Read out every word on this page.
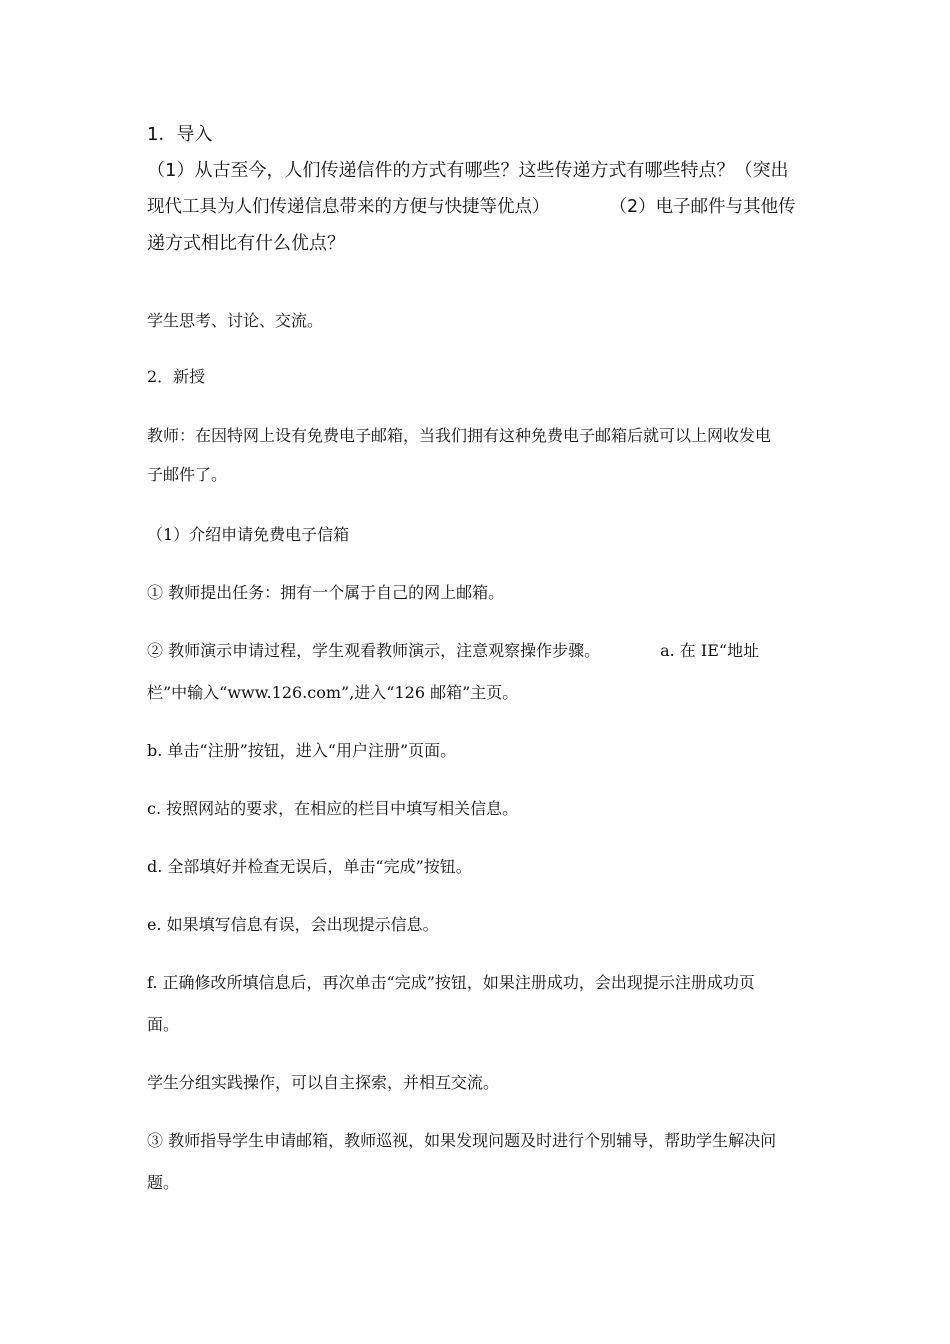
1．导入
（1）从古至今，人们传递信件的方式有哪些？这些传递方式有哪些特点？（突出
现代工具为人们传递信息带来的方便与快捷等优点）	（2）电子邮件与其他传
递方式相比有什么优点？
学生思考、讨论、交流。
2．新授
教师：在因特网上设有免费电子邮箱，当我们拥有这种免费电子邮箱后就可以上网收发电
子邮件了。
（1）介绍申请免费电子信箱
① 教师提出任务：拥有一个属于自己的网上邮箱。
② 教师演示申请过程，学生观看教师演示，注意观察操作步骤。	a. 在 IE“地址
栏”中输入“www.126.com”,进入“126 邮箱”主页。
b. 单击“注册”按钮，进入“用户注册”页面。
c. 按照网站的要求，在相应的栏目中填写相关信息。
d. 全部填好并检查无误后，单击“完成”按钮。
e. 如果填写信息有误，会出现提示信息。
f. 正确修改所填信息后，再次单击“完成”按钮，如果注册成功，会出现提示注册成功页
面。
学生分组实践操作，可以自主探索，并相互交流。
③ 教师指导学生申请邮箱，教师巡视，如果发现问题及时进行个别辅导，帮助学生解决问
题。
